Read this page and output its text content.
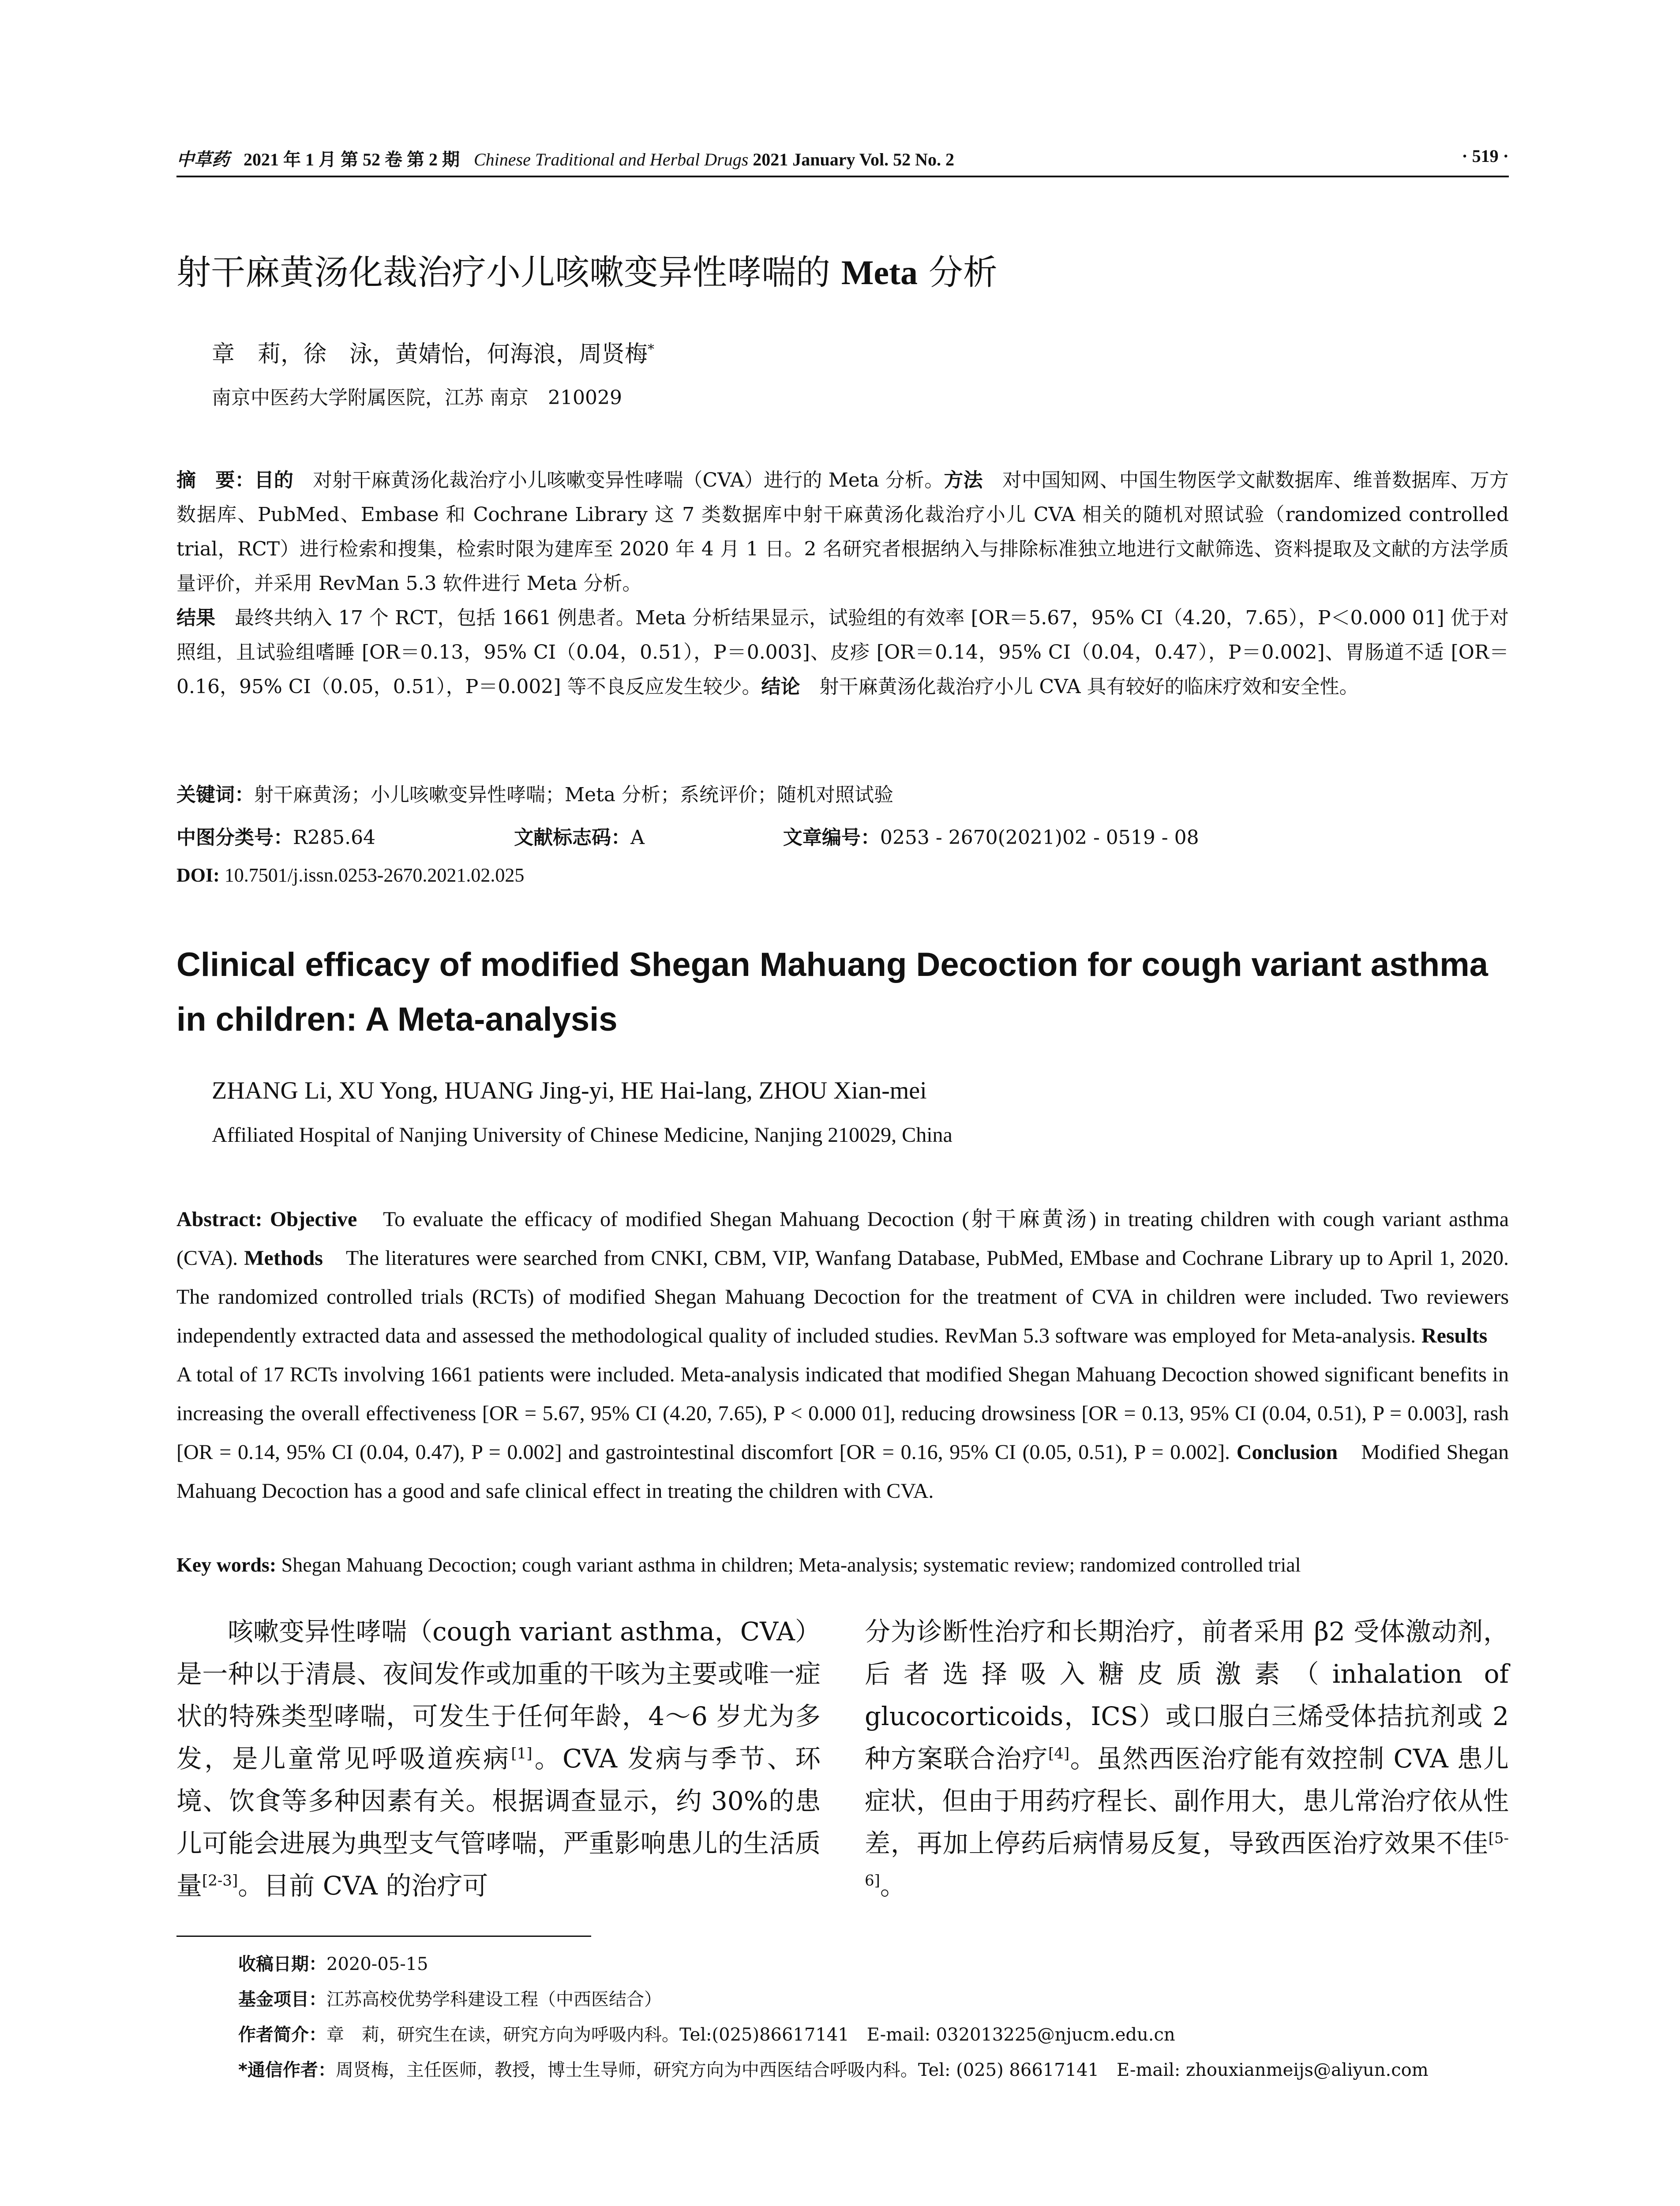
中草药 2021 年 1 月 第 52 卷 第 2 期 Chinese Traditional and Herbal Drugs 2021 January Vol. 52 No. 2	· 519 ·
射干麻黄汤化裁治疗小儿咳嗽变异性哮喘的 Meta 分析
章　莉，徐　泳，黄婧怡，何海浪，周贤梅*
南京中医药大学附属医院，江苏 南京　210029
摘　要：目的　对射干麻黄汤化裁治疗小儿咳嗽变异性哮喘（CVA）进行的 Meta 分析。方法　对中国知网、中国生物医学文献数据库、维普数据库、万方数据库、PubMed、Embase 和 Cochrane Library 这 7 类数据库中射干麻黄汤化裁治疗小儿 CVA 相关的随机对照试验（randomized controlled trial，RCT）进行检索和搜集，检索时限为建库至 2020 年 4 月 1 日。2 名研究者根据纳入与排除标准独立地进行文献筛选、资料提取及文献的方法学质量评价，并采用 RevMan 5.3 软件进行 Meta 分析。
结果　最终共纳入 17 个 RCT，包括 1661 例患者。Meta 分析结果显示，试验组的有效率 [OR＝5.67，95% CI（4.20，7.65），P＜0.000 01] 优于对照组，且试验组嗜睡 [OR＝0.13，95% CI（0.04，0.51），P＝0.003]、皮疹 [OR＝0.14，95% CI（0.04，0.47），P＝0.002]、胃肠道不适 [OR＝0.16，95% CI（0.05，0.51），P＝0.002] 等不良反应发生较少。结论　射干麻黄汤化裁治疗小儿 CVA 具有较好的临床疗效和安全性。
关键词：射干麻黄汤；小儿咳嗽变异性哮喘；Meta 分析；系统评价；随机对照试验
中图分类号：R285.64	文献标志码：A	文章编号：0253 - 2670(2021)02 - 0519 - 08
DOI: 10.7501/j.issn.0253-2670.2021.02.025
Clinical efficacy of modified Shegan Mahuang Decoction for cough variant asthma in children: A Meta-analysis
ZHANG Li, XU Yong, HUANG Jing-yi, HE Hai-lang, ZHOU Xian-mei
Affiliated Hospital of Nanjing University of Chinese Medicine, Nanjing 210029, China
Abstract: Objective　To evaluate the efficacy of modified Shegan Mahuang Decoction (射干麻黄汤) in treating children with cough variant asthma (CVA). Methods　The literatures were searched from CNKI, CBM, VIP, Wanfang Database, PubMed, EMbase and Cochrane Library up to April 1, 2020. The randomized controlled trials (RCTs) of modified Shegan Mahuang Decoction for the treatment of CVA in children were included. Two reviewers independently extracted data and assessed the methodological quality of included studies. RevMan 5.3 software was employed for Meta-analysis. Results　A total of 17 RCTs involving 1661 patients were included. Meta-analysis indicated that modified Shegan Mahuang Decoction showed significant benefits in increasing the overall effectiveness [OR = 5.67, 95% CI (4.20, 7.65), P < 0.000 01], reducing drowsiness [OR = 0.13, 95% CI (0.04, 0.51), P = 0.003], rash [OR = 0.14, 95% CI (0.04, 0.47), P = 0.002] and gastrointestinal discomfort [OR = 0.16, 95% CI (0.05, 0.51), P = 0.002]. Conclusion　Modified Shegan Mahuang Decoction has a good and safe clinical effect in treating the children with CVA.
Key words: Shegan Mahuang Decoction; cough variant asthma in children; Meta-analysis; systematic review; randomized controlled trial
咳嗽变异性哮喘（cough variant asthma，CVA）是一种以于清晨、夜间发作或加重的干咳为主要或唯一症状的特殊类型哮喘，可发生于任何年龄，4～6 岁尤为多发，是儿童常见呼吸道疾病[1]。CVA 发病与季节、环境、饮食等多种因素有关。根据调查显示，约 30%的患儿可能会进展为典型支气管哮喘，严重影响患儿的生活质量[2-3]。目前 CVA 的治疗可
分为诊断性治疗和长期治疗，前者采用 β2 受体激动剂，后者选择吸入糖皮质激素（inhalation of glucocorticoids，ICS）或口服白三烯受体拮抗剂或 2 种方案联合治疗[4]。虽然西医治疗能有效控制 CVA 患儿症状，但由于用药疗程长、副作用大，患儿常治疗依从性差，再加上停药后病情易反复，导致西医治疗效果不佳[5-6]。
收稿日期：2020-05-15
基金项目：江苏高校优势学科建设工程（中西医结合）
作者简介：章　莉，研究生在读，研究方向为呼吸内科。Tel:(025)86617141　E-mail: 032013225@njucm.edu.cn
*通信作者：周贤梅，主任医师，教授，博士生导师，研究方向为中西医结合呼吸内科。Tel: (025) 86617141　E-mail: zhouxianmeijs@aliyun.com
